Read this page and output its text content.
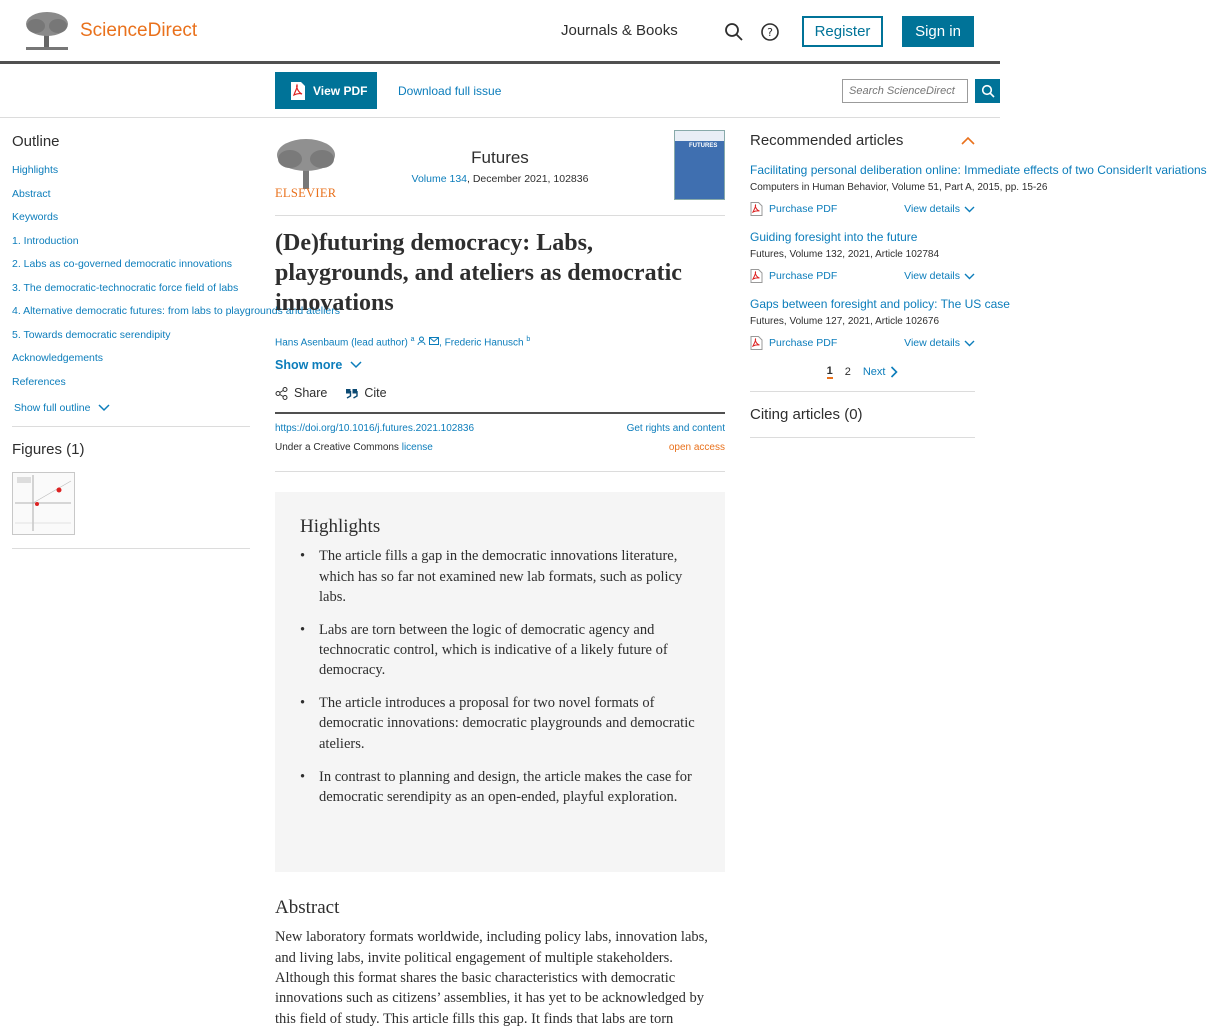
ScienceDirect	Journals & Books	?	Register	Sign in
View PDF	Download full issue
Search ScienceDirect
Outline
Highlights
Abstract
Keywords
1. Introduction
2. Labs as co-governed democratic innovations
3. The democratic-technocratic force field of labs
4. Alternative democratic futures: from labs to playgrounds and ateliers
5. Towards democratic serendipity
Acknowledgements
References
Show full outline
Figures (1)
ELSEVIER
Futures
Volume 134, December 2021, 102836
FUTURES
(De)futuring democracy: Labs, playgrounds, and ateliers as democratic innovations
Hans Asenbaum (lead author) $^a$ , Frederic Hanusch $^b$
Show more
Share	Cite
https://doi.org/10.1016/j.futures.2021.102836	Get rights and content
Under a Creative Commons license	open access
Highlights
• The article fills a gap in the democratic innovations literature, which has so far not examined new lab formats, such as policy labs.
• Labs are torn between the logic of democratic agency and technocratic control, which is indicative of a likely future of democracy.
• The article introduces a proposal for two novel formats of democratic innovations: democratic playgrounds and democratic ateliers.
• In contrast to planning and design, the article makes the case for democratic serendipity as an open-ended, playful exploration.
Abstract

New laboratory formats worldwide, including policy labs, innovation labs, and living labs, invite political engagement of multiple stakeholders. Although this format shares the basic characteristics with democratic innovations such as citizens’ assemblies, it has yet to be acknowledged by this field of study. This article fills this gap. It finds that labs are torn

Recommended articles
Facilitating personal deliberation online: Immediate effects of two ConsiderIt variations
Computers in Human Behavior, Volume 51, Part A, 2015, pp. 15-26
Purchase PDF	View details
Guiding foresight into the future
Futures, Volume 132, 2021, Article 102784
Purchase PDF	View details
Gaps between foresight and policy: The US case
Futures, Volume 127, 2021, Article 102676
Purchase PDF	View details
1 2 Next
Citing articles (0)
